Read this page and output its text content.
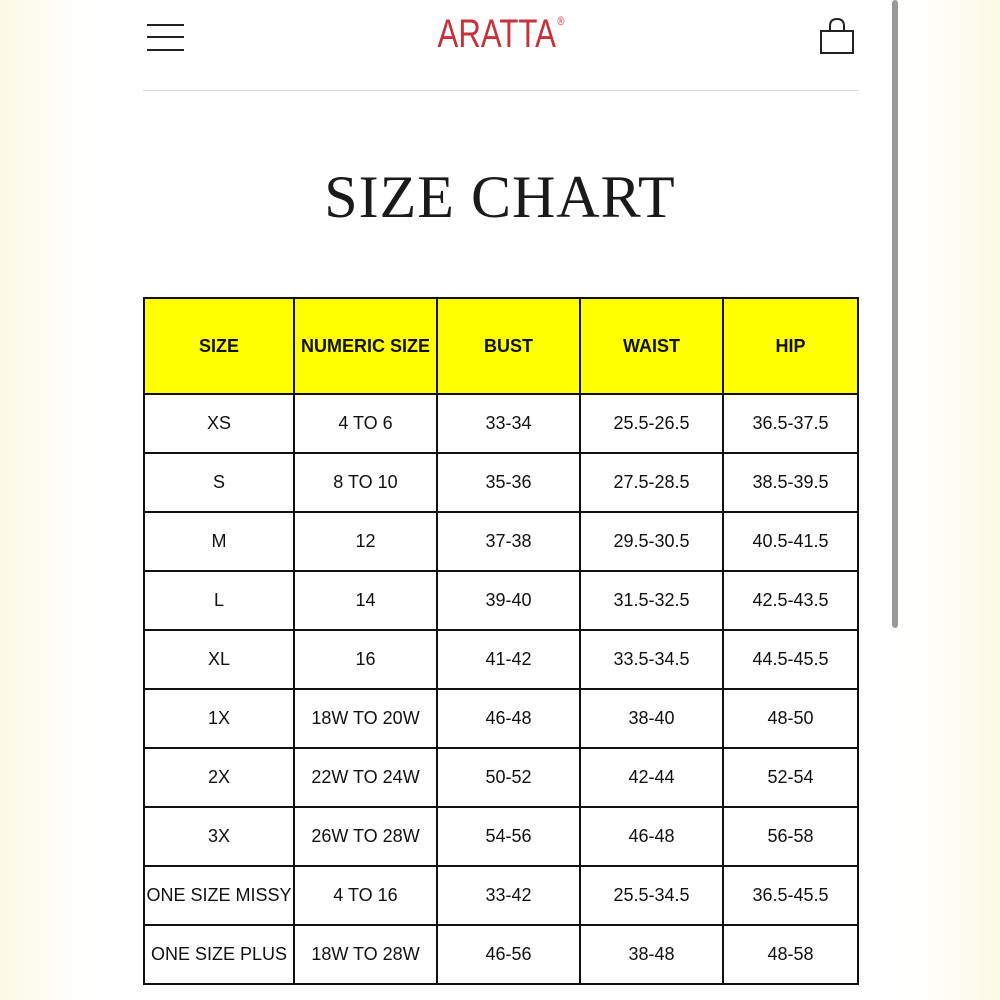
ARATTA ®
SIZE CHART
SIZE	NUMERIC SIZE	BUST	WAIST	HIP
XS	4 TO 6	33-34	25.5-26.5	36.5-37.5
S	8 TO 10	35-36	27.5-28.5	38.5-39.5
M	12	37-38	29.5-30.5	40.5-41.5
L	14	39-40	31.5-32.5	42.5-43.5
XL	16	41-42	33.5-34.5	44.5-45.5
1X	18W TO 20W	46-48	38-40	48-50
2X	22W TO 24W	50-52	42-44	52-54
3X	26W TO 28W	54-56	46-48	56-58
ONE SIZE MISSY	4 TO 16	33-42	25.5-34.5	36.5-45.5
ONE SIZE PLUS	18W TO 28W	46-56	38-48	48-58
